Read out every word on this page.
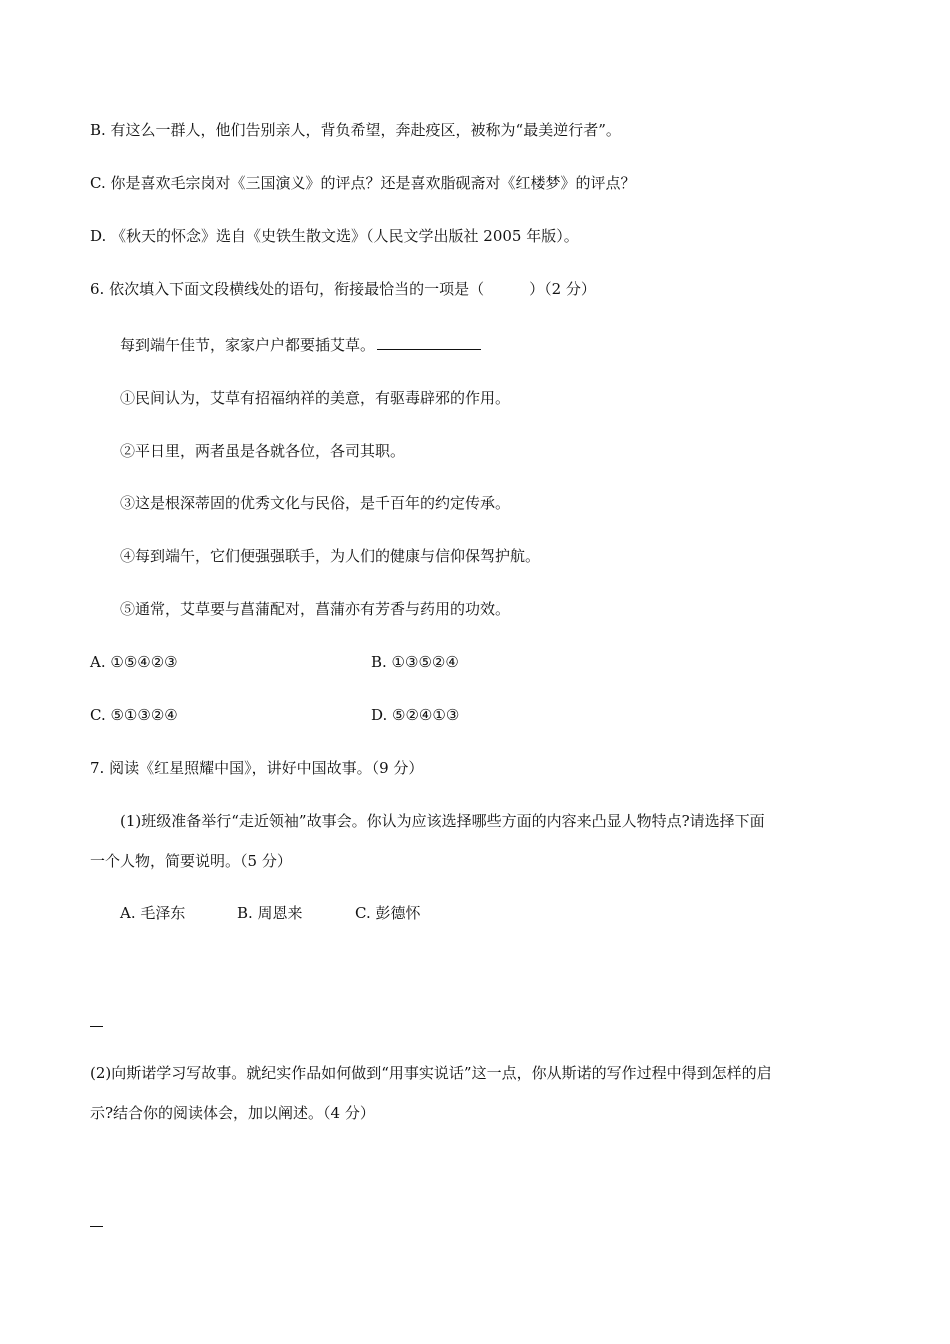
B. 有这么一群人，他们告别亲人，背负希望，奔赴疫区，被称为“最美逆行者”。
C. 你是喜欢毛宗岗对《三国演义》的评点？还是喜欢脂砚斋对《红楼梦》的评点？
D. 《秋天的怀念》选自《史铁生散文选》（人民文学出版社 2005 年版）。
6. 依次填入下面文段横线处的语句，衔接最恰当的一项是（　　　）（2 分）
每到端午佳节，家家户户都要插艾草。
①民间认为，艾草有招福纳祥的美意，有驱毒辟邪的作用。
②平日里，两者虽是各就各位，各司其职。
③这是根深蒂固的优秀文化与民俗，是千百年的约定传承。
④每到端午，它们便强强联手，为人们的健康与信仰保驾护航。
⑤通常，艾草要与菖蒲配对，菖蒲亦有芳香与药用的功效。
A. ①⑤④②③	B. ①③⑤②④
C. ⑤①③②④	D. ⑤②④①③
7. 阅读《红星照耀中国》，讲好中国故事。（9 分）
(1)班级准备举行“走近领袖”故事会。你认为应该选择哪些方面的内容来凸显人物特点?请选择下面
一个人物，简要说明。（5 分）
A. 毛泽东	B. 周恩来	C. 彭德怀
(2)向斯诺学习写故事。就纪实作品如何做到“用事实说话”这一点，你从斯诺的写作过程中得到怎样的启
示?结合你的阅读体会，加以阐述。（4 分）
